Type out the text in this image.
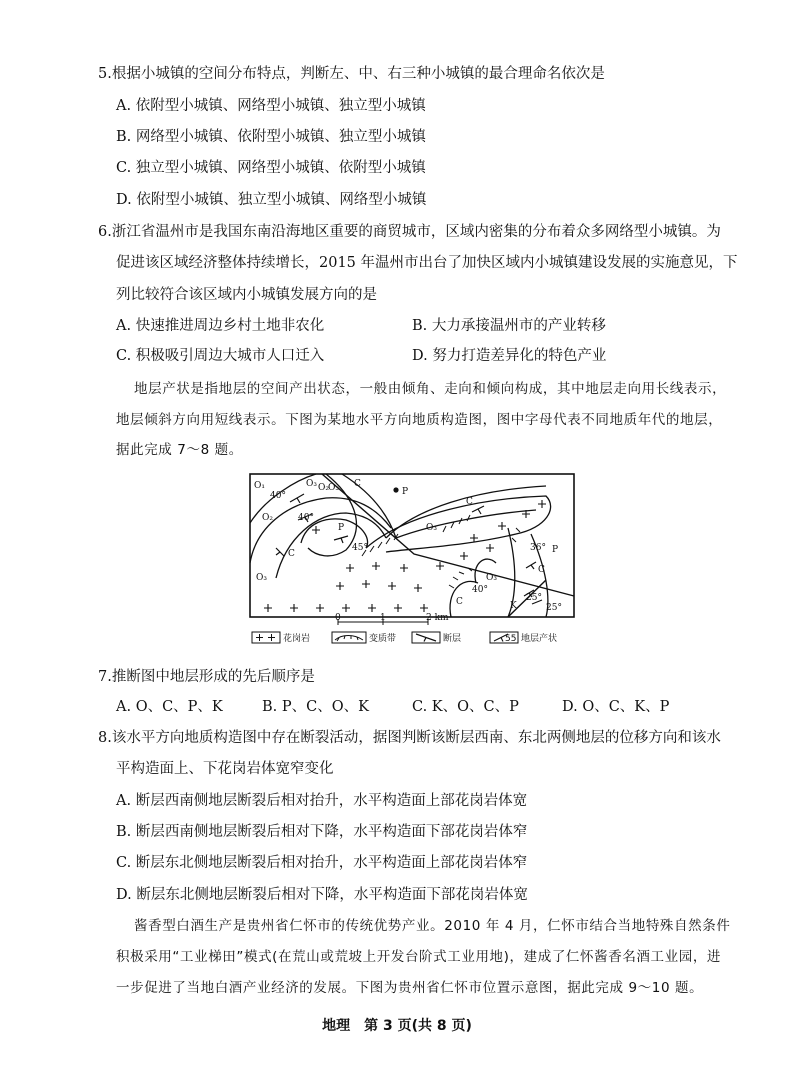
5.根据小城镇的空间分布特点，判断左、中、右三种小城镇的最合理命名依次是
A. 依附型小城镇、网络型小城镇、独立型小城镇
B. 网络型小城镇、依附型小城镇、独立型小城镇
C. 独立型小城镇、网络型小城镇、依附型小城镇
D. 依附型小城镇、独立型小城镇、网络型小城镇
6.浙江省温州市是我国东南沿海地区重要的商贸城市，区域内密集的分布着众多网络型小城镇。为
促进该区域经济整体持续增长，2015 年温州市出台了加快区域内小城镇建设发展的实施意见，下
列比较符合该区域内小城镇发展方向的是
A. 快速推进周边乡村土地非农化	B. 大力承接温州市的产业转移
C. 积极吸引周边大城市人口迁入	D. 努力打造差异化的特色产业
地层产状是指地层的空间产出状态，一般由倾角、走向和倾向构成，其中地层走向用长线表示，
地层倾斜方向用短线表示。下图为某地水平方向地质构造图，图中字母代表不同地质年代的地层，
据此完成 7～8 题。
O₁
40°
O₃ O₂ O₃ C
P
O₂	40°
P
45°
C
O₃
C
O₃
36° P
C
O₃
40°
C	K
25°
25°
0	1	2 km
花岗岩	变质带	断层	55 地层产状
7.推断图中地层形成的先后顺序是
A. O、C、P、K	B. P、C、O、K	C. K、O、C、P	D. O、C、K、P
8.该水平方向地质构造图中存在断裂活动，据图判断该断层西南、东北两侧地层的位移方向和该水
平构造面上、下花岗岩体宽窄变化
A. 断层西南侧地层断裂后相对抬升，水平构造面上部花岗岩体宽
B. 断层西南侧地层断裂后相对下降，水平构造面下部花岗岩体窄
C. 断层东北侧地层断裂后相对抬升，水平构造面上部花岗岩体窄
D. 断层东北侧地层断裂后相对下降，水平构造面下部花岗岩体宽
酱香型白酒生产是贵州省仁怀市的传统优势产业。2010 年 4 月，仁怀市结合当地特殊自然条件
积极采用“工业梯田”模式(在荒山或荒坡上开发台阶式工业用地)，建成了仁怀酱香名酒工业园，进
一步促进了当地白酒产业经济的发展。下图为贵州省仁怀市位置示意图，据此完成 9～10 题。
地理　第 3 页(共 8 页)
